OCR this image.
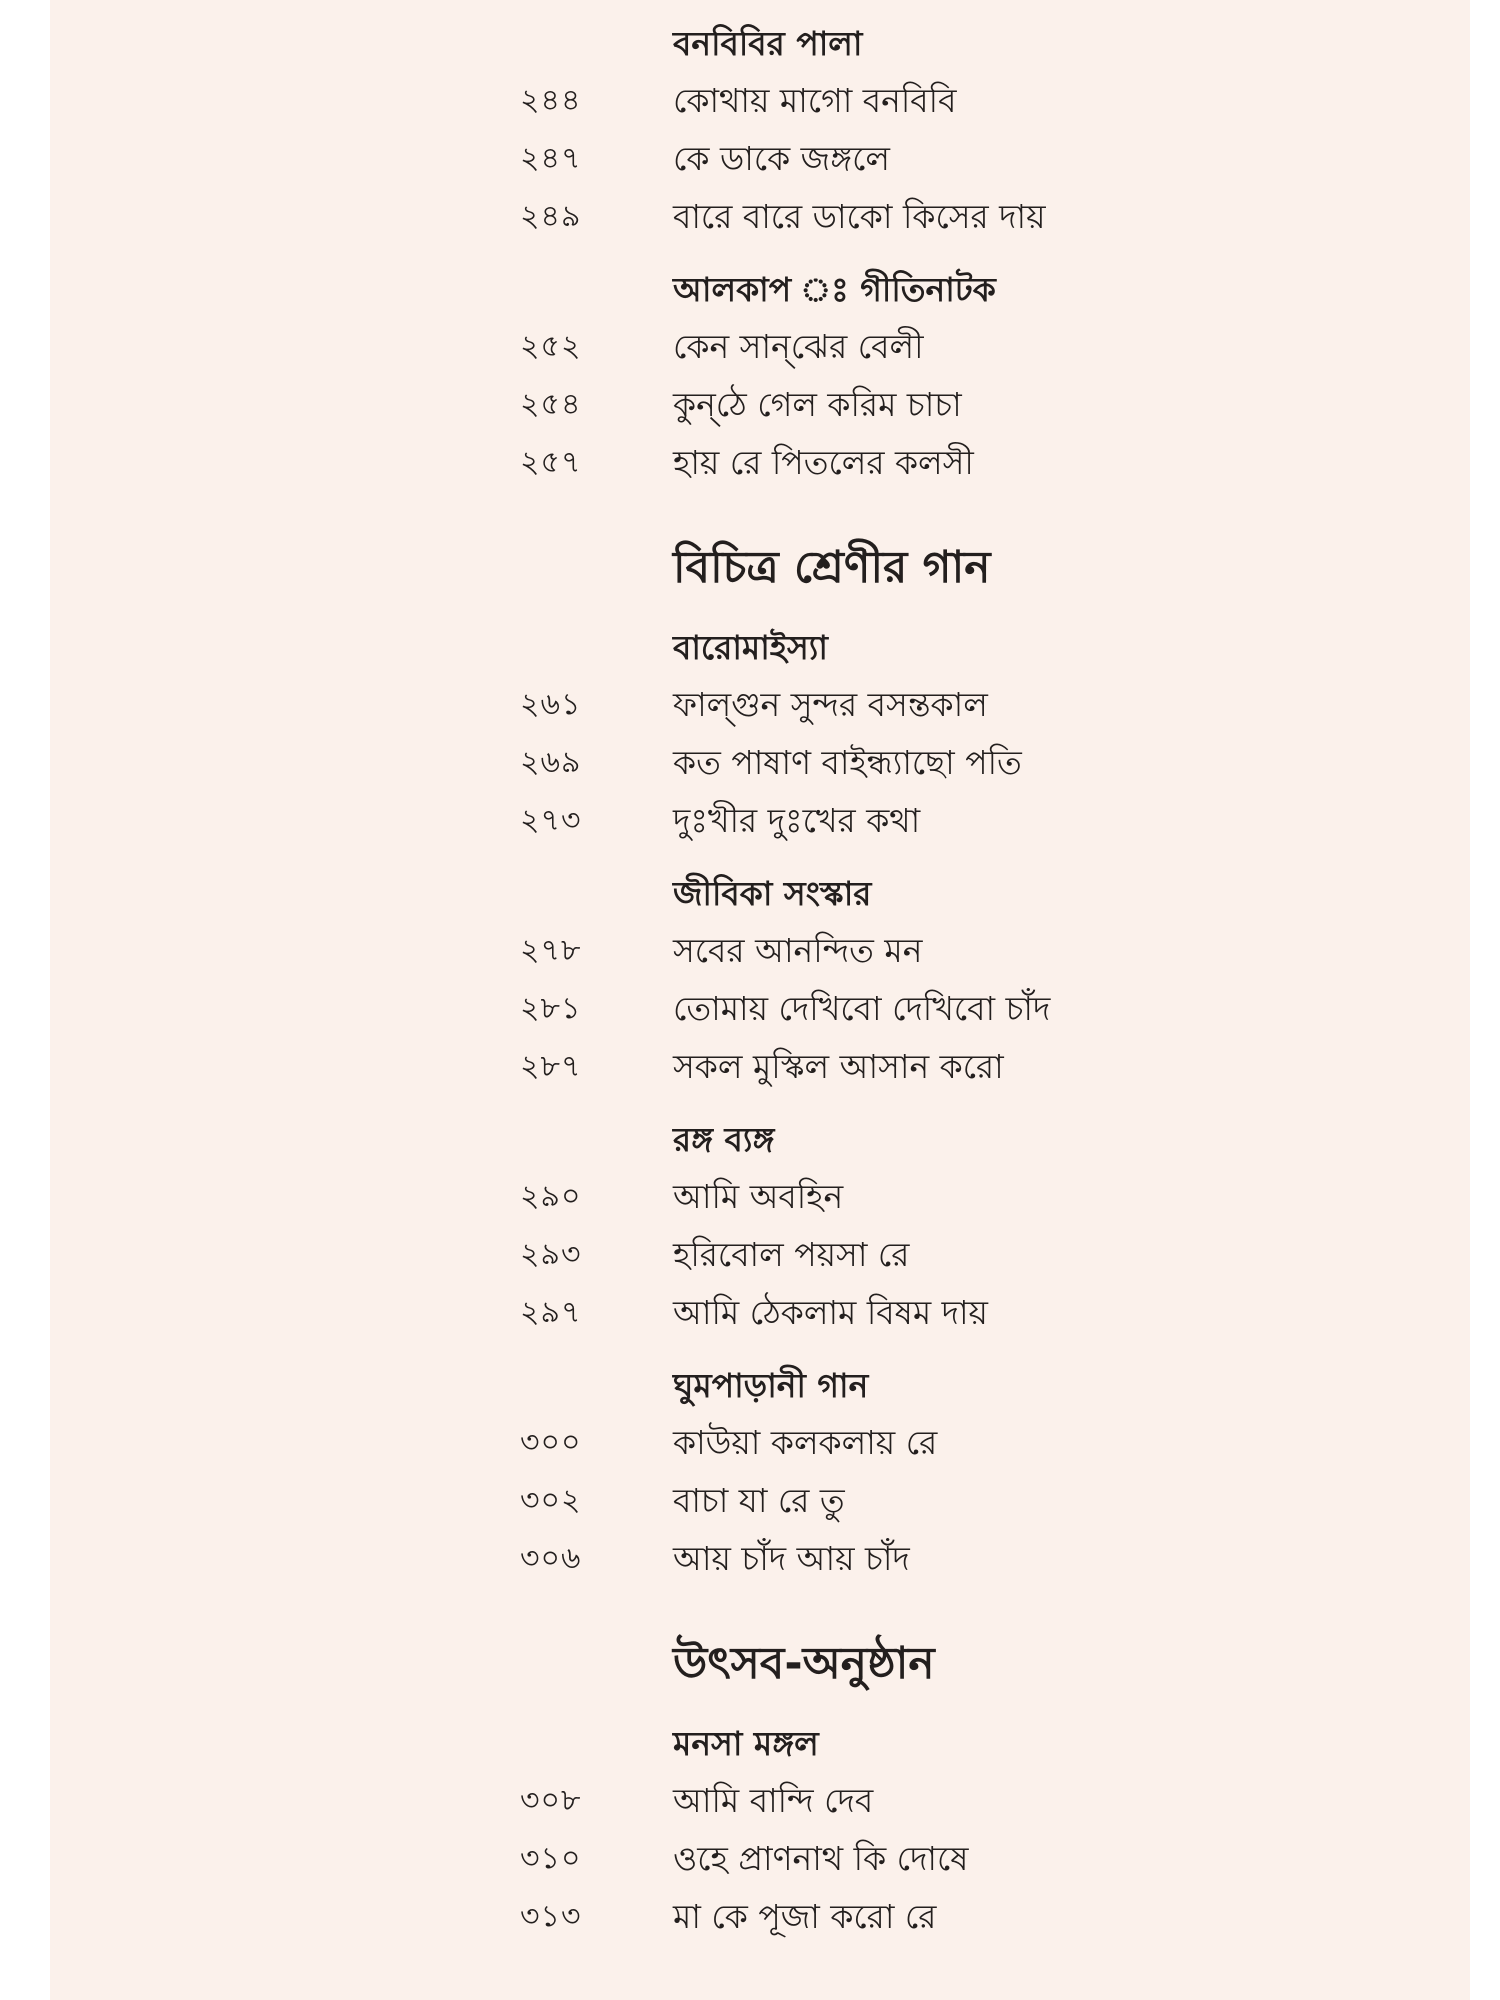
বনবিবির পালা
২৪৪	কোথায় মাগো বনবিবি
২৪৭	কে ডাকে জঙ্গলে
২৪৯	বারে বারে ডাকো কিসের দায়
আলকাপ ঃ গীতিনাটক
২৫২	কেন সান্‌ঝের বেলী
২৫৪	কুন্‌ঠে গেল করিম চাচা
২৫৭	হায় রে পিতলের কলসী
বিচিত্র শ্রেণীর গান
বারোমাইস্যা
২৬১	ফাল্গুন সুন্দর বসন্তকাল
২৬৯	কত পাষাণ বাইন্ধ্যাছো পতি
২৭৩	দুঃখীর দুঃখের কথা
জীবিকা সংস্কার
২৭৮	সবের আনন্দিত মন
২৮১	তোমায় দেখিবো দেখিবো চাঁদ
২৮৭	সকল মুস্কিল আসান করো
রঙ্গ ব্যঙ্গ
২৯০	আমি অবহিন
২৯৩	হরিবোল পয়সা রে
২৯৭	আমি ঠেকলাম বিষম দায়
ঘুমপাড়ানী গান
৩০০	কাউয়া কলকলায় রে
৩০২	বাচা যা রে তু
৩০৬	আয় চাঁদ আয় চাঁদ
উৎসব-অনুষ্ঠান
মনসা মঙ্গল
৩০৮	আমি বান্দি দেব
৩১০	ওহে প্রাণনাথ কি দোষে
৩১৩	মা কে পূজা করো রে
